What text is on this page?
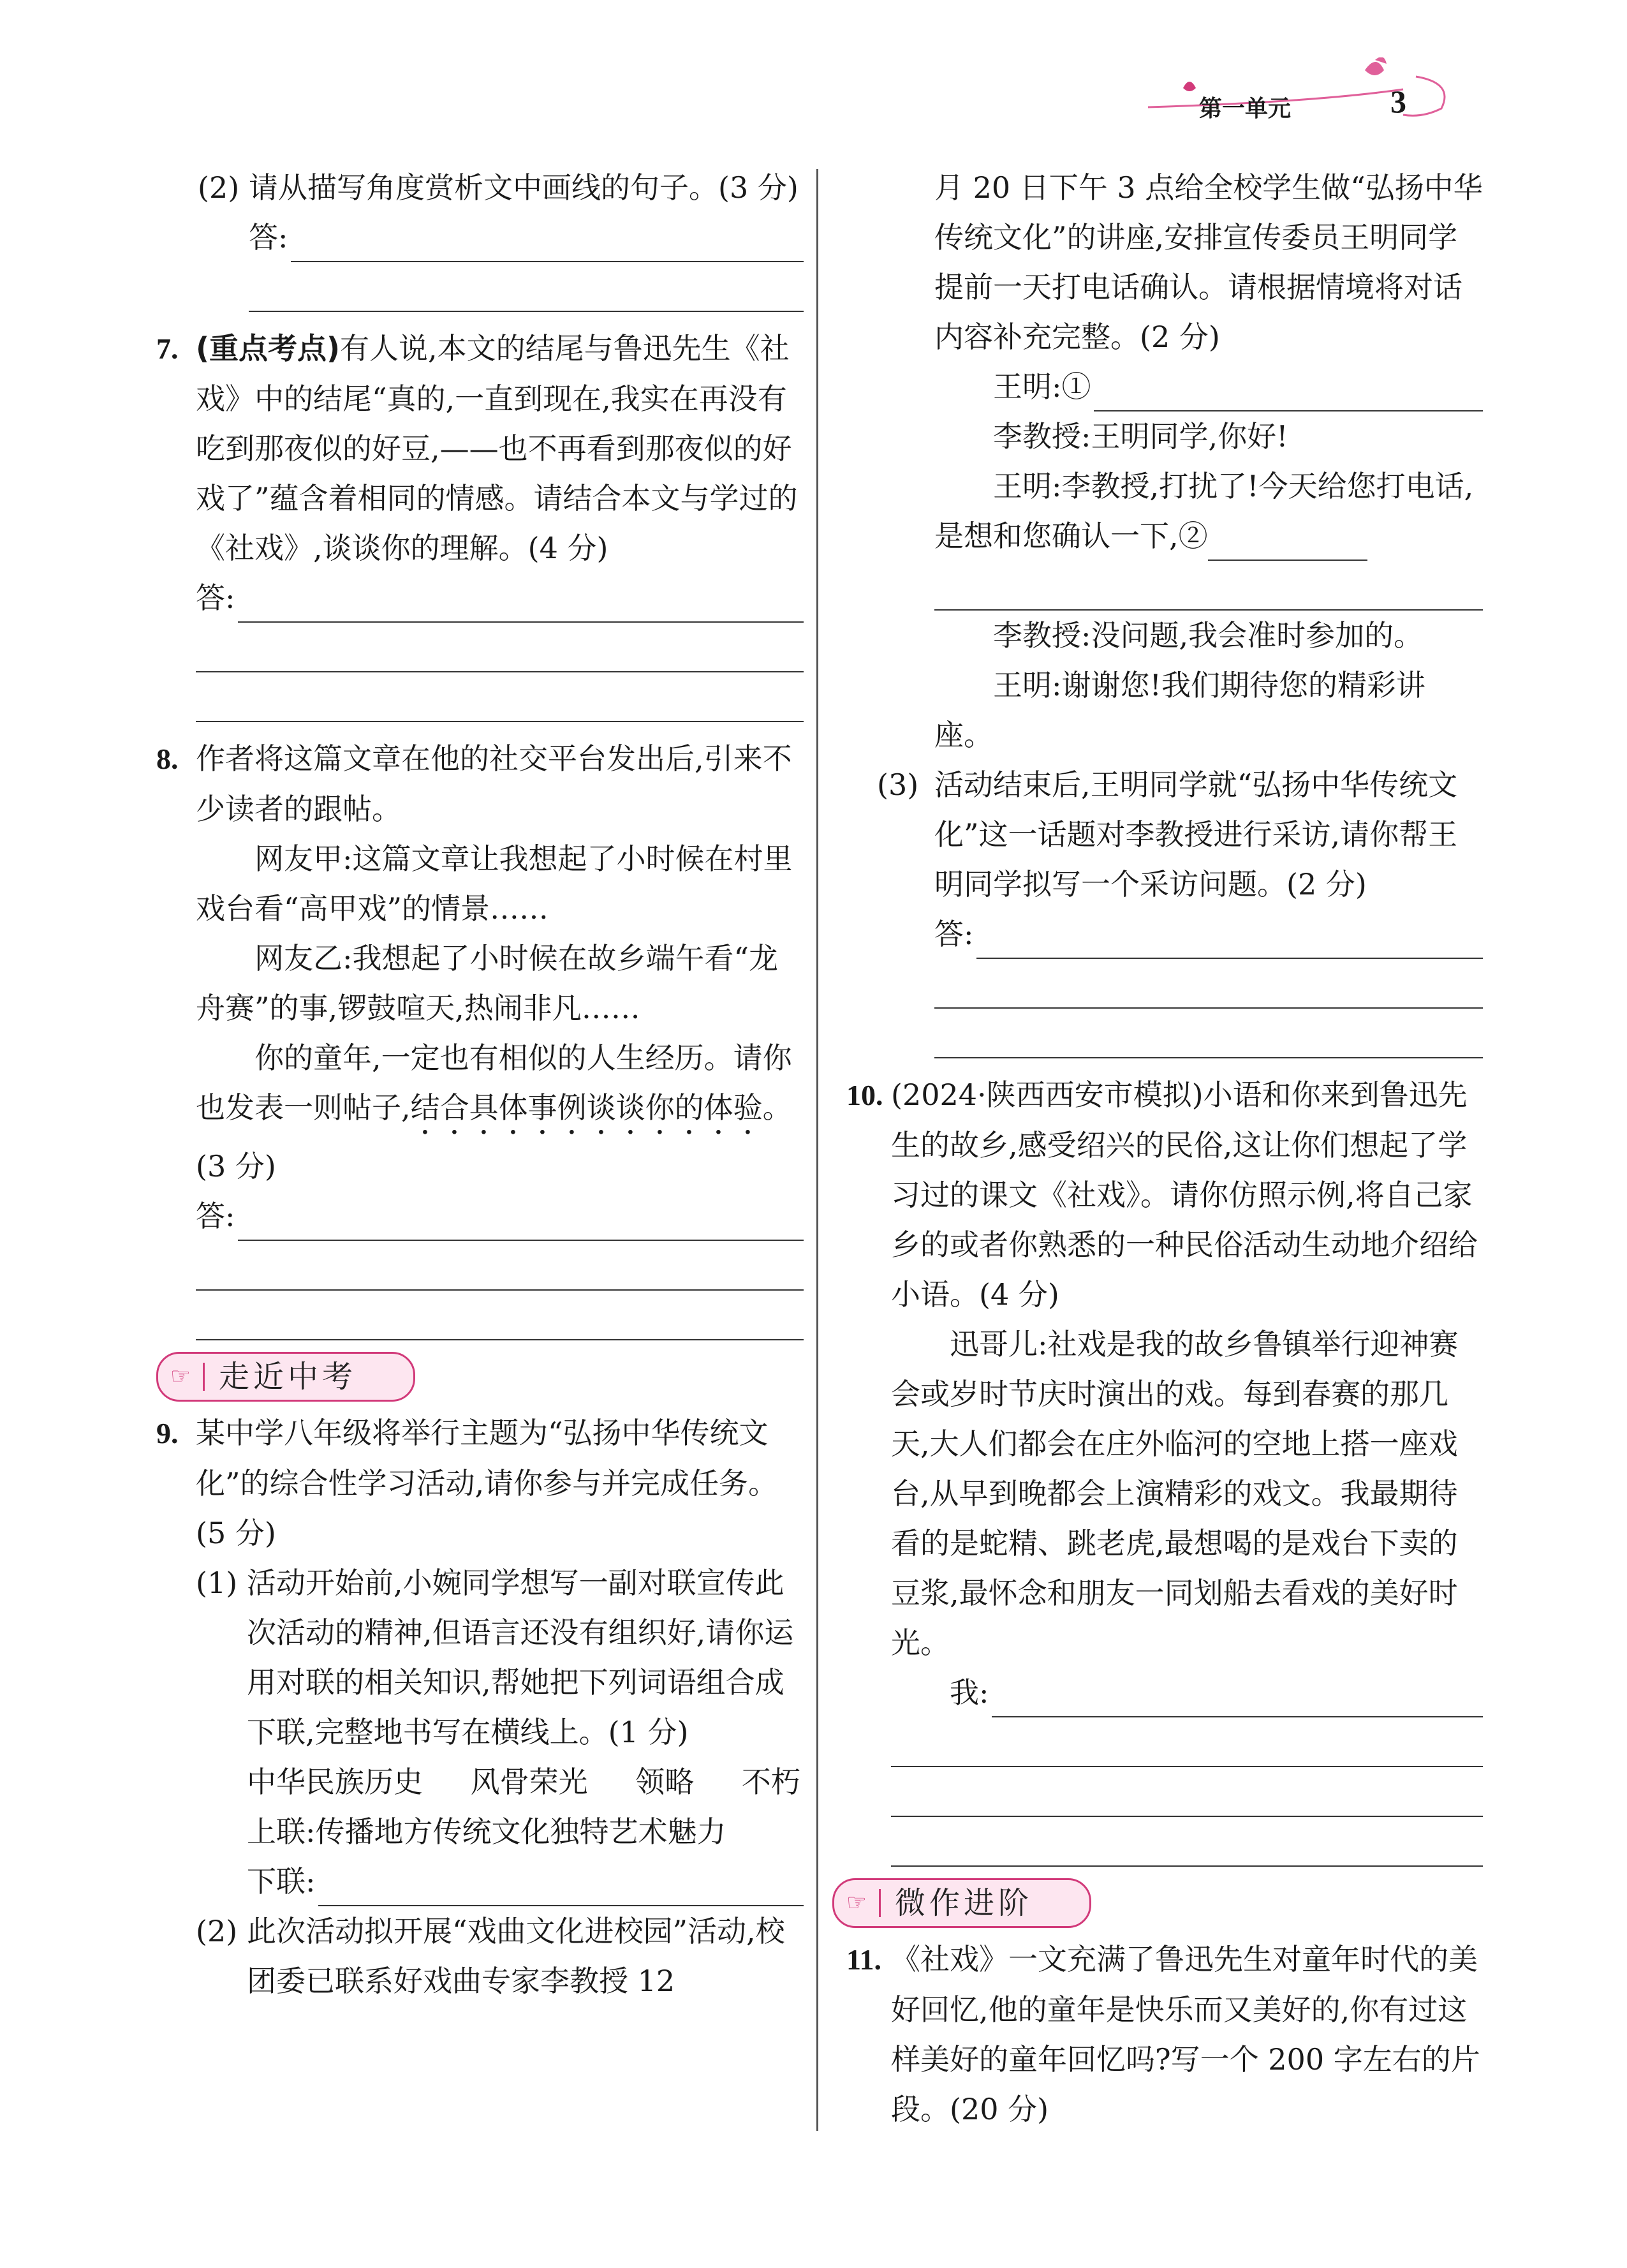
第一单元	3

(2) 请从描写角度赏析文中画线的句子。(3 分)

答:

7. (重点考点)有人说,本文的结尾与鲁迅先生《社戏》中的结尾“真的,一直到现在,我实在再没有吃到那夜似的好豆,——也不再看到那夜似的好戏了”蕴含着相同的情感。请结合本文与学过的《社戏》,谈谈你的理解。(4 分)

答:

8. 作者将这篇文章在他的社交平台发出后,引来不少读者的跟帖。

网友甲:这篇文章让我想起了小时候在村里戏台看“高甲戏”的情景……

网友乙:我想起了小时候在故乡端午看“龙舟赛”的事,锣鼓喧天,热闹非凡……

你的童年,一定也有相似的人生经历。请你也发表一则帖子,结合具体事例谈谈你的体验。(3 分)

答:
☞ 走近中考

9. 某中学八年级将举行主题为“弘扬中华传统文化”的综合性学习活动,请你参与并完成任务。(5 分)

(1) 活动开始前,小婉同学想写一副对联宣传此次活动的精神,但语言还没有组织好,请你运用对联的相关知识,帮她把下列词语组合成下联,完整地书写在横线上。(1 分)

中华民族历史 风骨荣光 领略 不朽

上联:传播地方传统文化独特艺术魅力

下联:

(2) 此次活动拟开展“戏曲文化进校园”活动,校团委已联系好戏曲专家李教授 12

月 20 日下午 3 点给全校学生做“弘扬中华传统文化”的讲座,安排宣传委员王明同学提前一天打电话确认。请根据情境将对话内容补充完整。(2 分)

王明:①

李教授:王明同学,你好!

王明:李教授,打扰了!今天给您打电话,是想和您确认一下,②

李教授:没问题,我会准时参加的。

王明:谢谢您!我们期待您的精彩讲座。

(3) 活动结束后,王明同学就“弘扬中华传统文化”这一话题对李教授进行采访,请你帮王明同学拟写一个采访问题。(2 分)

答:

10. (2024·陕西西安市模拟)小语和你来到鲁迅先生的故乡,感受绍兴的民俗,这让你们想起了学习过的课文《社戏》。请你仿照示例,将自己家乡的或者你熟悉的一种民俗活动生动地介绍给小语。(4 分)

迅哥儿:社戏是我的故乡鲁镇举行迎神赛会或岁时节庆时演出的戏。每到春赛的那几天,大人们都会在庄外临河的空地上搭一座戏台,从早到晚都会上演精彩的戏文。我最期待看的是蛇精、跳老虎,最想喝的是戏台下卖的豆浆,最怀念和朋友一同划船去看戏的美好时光。

我:
☞ 微作进阶

11. 《社戏》一文充满了鲁迅先生对童年时代的美好回忆,他的童年是快乐而又美好的,你有过这样美好的童年回忆吗?写一个 200 字左右的片段。(20 分)
